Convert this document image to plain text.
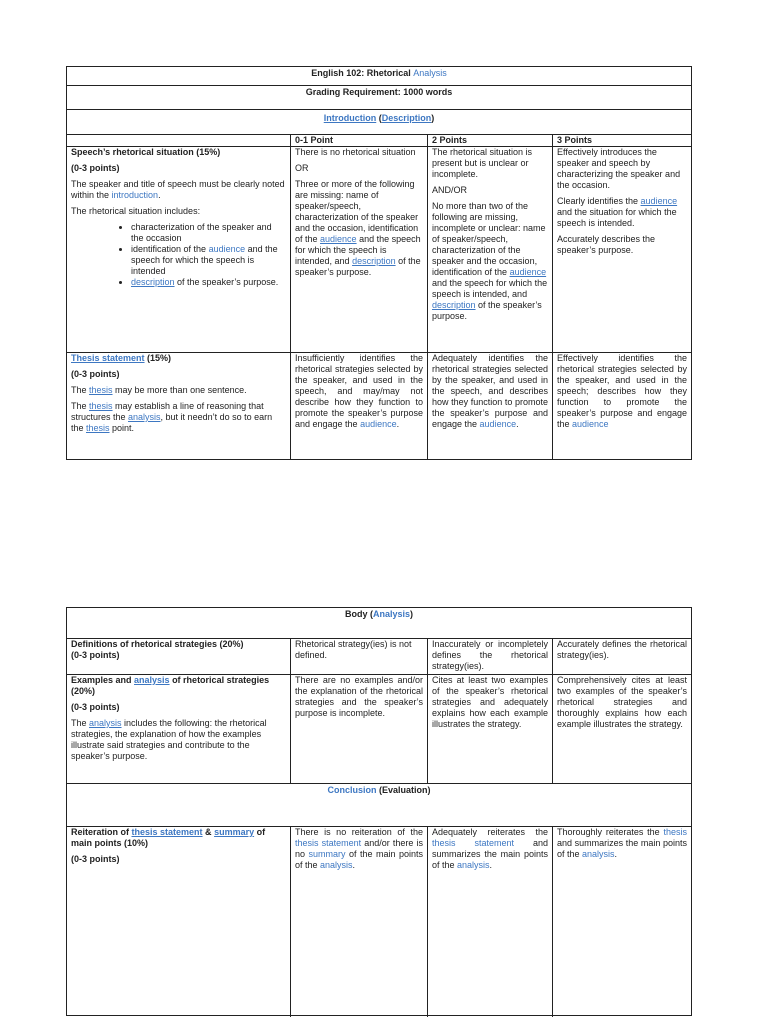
English 102: Rhetorical Analysis
Grading Requirement: 1000 words
Introduction (Description)
0-1 Point	2 Points	3 Points

Speech’s rhetorical situation (15%)

(0-3 points)

The speaker and title of speech must be clearly noted within the introduction.

The rhetorical situation includes:

• characterization of the speaker and the occasion
• identification of the audience and the speech for which the speech is intended
• description of the speaker’s purpose.

There is no rhetorical situation

OR

Three or more of the following are missing: name of speaker/speech, characterization of the speaker and the occasion, identification of the audience and the speech for which the speech is intended, and description of the speaker’s purpose.

The rhetorical situation is present but is unclear or incomplete.

AND/OR

No more than two of the following are missing, incomplete or unclear: name of speaker/speech, characterization of the speaker and the occasion, identification of the audience and the speech for which the speech is intended, and description of the speaker’s purpose.

Effectively introduces the speaker and speech by characterizing the speaker and the occasion.

Clearly identifies the audience and the situation for which the speech is intended.

Accurately describes the speaker’s purpose.

Thesis statement (15%)

(0-3 points)

The thesis may be more than one sentence.

The thesis may establish a line of reasoning that structures the analysis, but it needn’t do so to earn the thesis point.

Insufficiently identifies the rhetorical strategies selected by the speaker, and used in the speech, and may/may not describe how they function to promote the speaker’s purpose and engage the audience.
Adequately identifies the rhetorical strategies selected by the speaker, and used in the speech, and describes how they function to promote the speaker’s purpose and engage the audience.
Effectively identifies the rhetorical strategies selected by the speaker, and used in the speech; describes how they function to promote the speaker’s purpose and engage the audience
Body (Analysis)
Definitions of rhetorical strategies (20%)
(0-3 points)
Rhetorical strategy(ies) is not defined.
Inaccurately or incompletely defines the rhetorical strategy(ies).
Accurately defines the rhetorical strategy(ies).

Examples and analysis of rhetorical strategies (20%)

(0-3 points)

The analysis includes the following: the rhetorical strategies, the explanation of how the examples illustrate said strategies and contribute to the speaker’s purpose.

There are no examples and/or the explanation of the rhetorical strategies and the speaker’s purpose is incomplete.
Cites at least two examples of the speaker’s rhetorical strategies and adequately explains how each example illustrates the strategy.
Comprehensively cites at least two examples of the speaker’s rhetorical strategies and thoroughly explains how each example illustrates the strategy.
Conclusion (Evaluation)

Reiteration of thesis statement & summary of main points (10%)

(0-3 points)

There is no reiteration of the thesis statement and/or there is no summary of the main points of the analysis.
Adequately reiterates the thesis statement and summarizes the main points of the analysis.
Thoroughly reiterates the thesis and summarizes the main points of the analysis.
